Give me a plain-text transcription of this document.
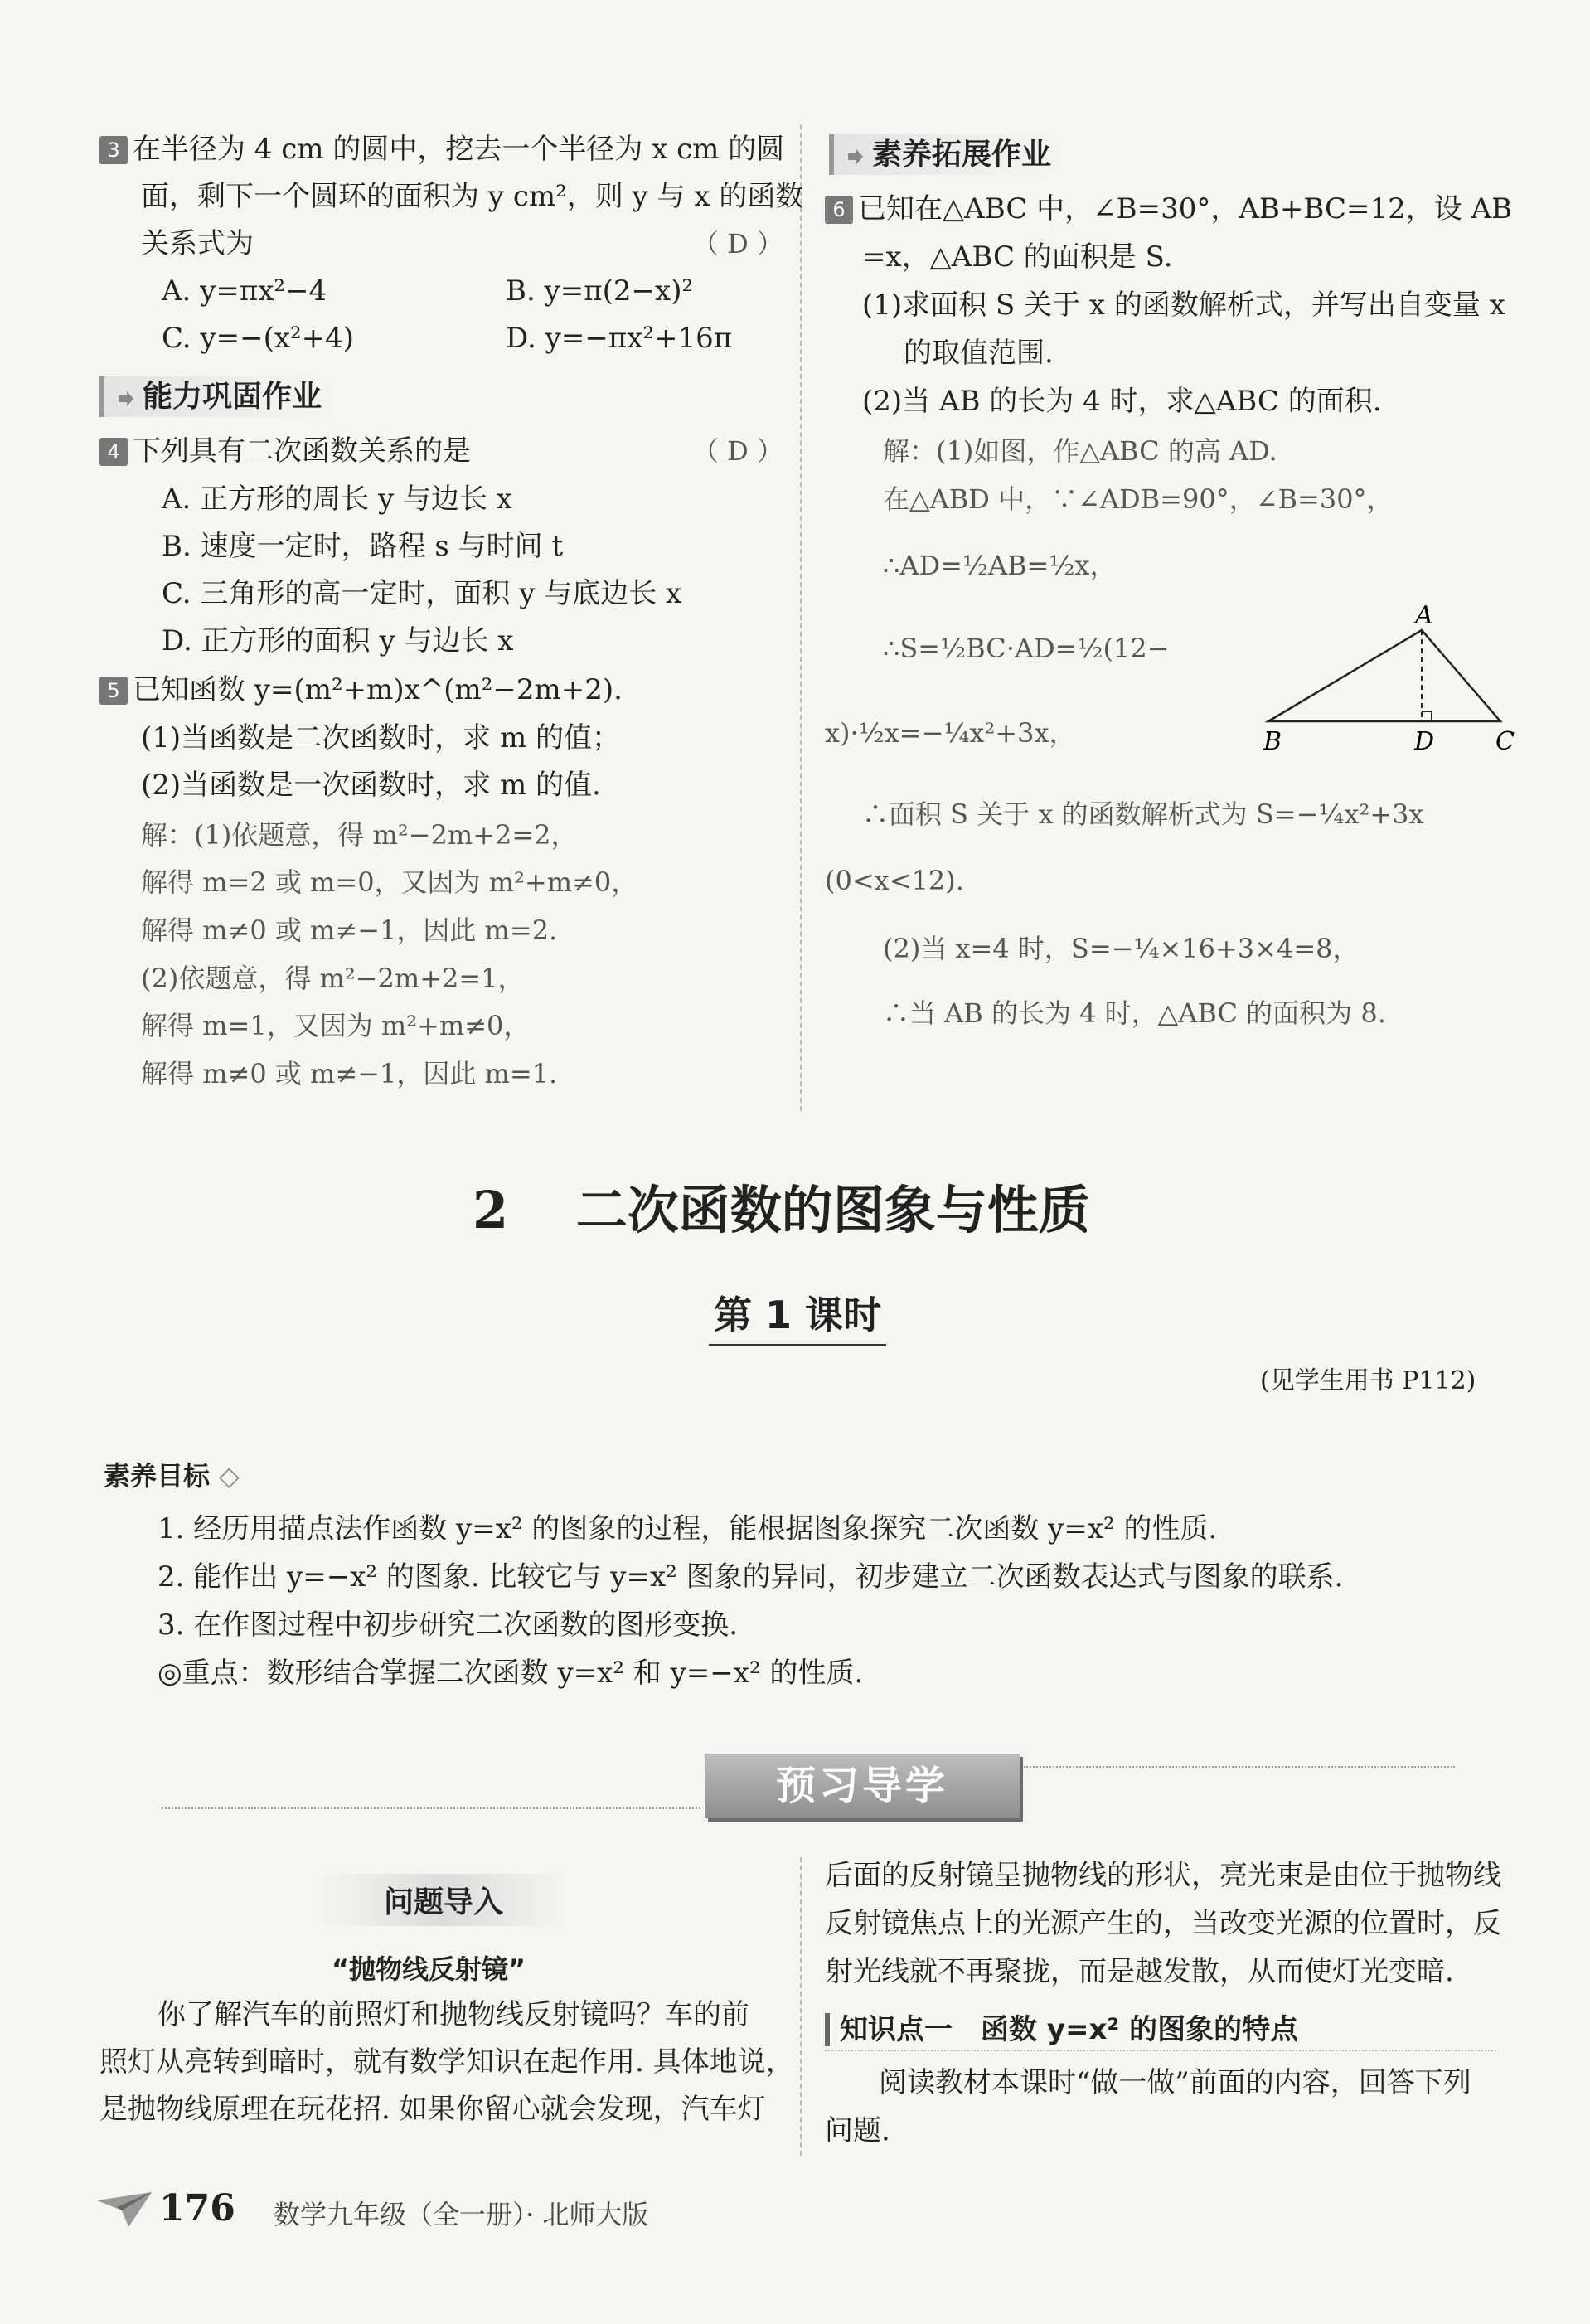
3 在半径为 4 cm 的圆中，挖去一个半径为 x cm 的圆
面，剩下一个圆环的面积为 y cm²，则 y 与 x 的函数
关系式为	（ D ）
A. y=πx²−4	B. y=π(2−x)²
C. y=−(x²+4)	D. y=−πx²+16π
能力巩固作业
4 下列具有二次函数关系的是	（ D ）
A. 正方形的周长 y 与边长 x
B. 速度一定时，路程 s 与时间 t
C. 三角形的高一定时，面积 y 与底边长 x
D. 正方形的面积 y 与边长 x
5 已知函数 y=(m²+m)x^(m²−2m+2).
(1)当函数是二次函数时，求 m 的值；
(2)当函数是一次函数时，求 m 的值.
解：(1)依题意，得 m²−2m+2=2，
解得 m=2 或 m=0，又因为 m²+m≠0，
解得 m≠0 或 m≠−1，因此 m=2.
(2)依题意，得 m²−2m+2=1，
解得 m=1，又因为 m²+m≠0，
解得 m≠0 或 m≠−1，因此 m=1.
素养拓展作业
6 已知在△ABC 中，∠B=30°，AB+BC=12，设 AB
=x，△ABC 的面积是 S.
(1)求面积 S 关于 x 的函数解析式，并写出自变量 x
的取值范围.
(2)当 AB 的长为 4 时，求△ABC 的面积.
解：(1)如图，作△ABC 的高 AD.
在△ABD 中，∵∠ADB=90°，∠B=30°，
∴AD=½AB=½x，
∴S=½BC·AD=½(12−
x)·½x=−¼x²+3x，
A
B	C
D
∴面积 S 关于 x 的函数解析式为 S=−¼x²+3x
(0<x<12).
(2)当 x=4 时，S=−¼×16+3×4=8，
∴当 AB 的长为 4 时，△ABC 的面积为 8.
2 二次函数的图象与性质
第 1 课时
(见学生用书 P112)
素养目标 ◇
1. 经历用描点法作函数 y=x² 的图象的过程，能根据图象探究二次函数 y=x² 的性质.
2. 能作出 y=−x² 的图象. 比较它与 y=x² 图象的异同，初步建立二次函数表达式与图象的联系.
3. 在作图过程中初步研究二次函数的图形变换.
◎重点：数形结合掌握二次函数 y=x² 和 y=−x² 的性质.
预习导学
问题导入
“抛物线反射镜”
你了解汽车的前照灯和抛物线反射镜吗？车的前
照灯从亮转到暗时，就有数学知识在起作用. 具体地说，
是抛物线原理在玩花招. 如果你留心就会发现，汽车灯
后面的反射镜呈抛物线的形状，亮光束是由位于抛物线
反射镜焦点上的光源产生的，当改变光源的位置时，反
射光线就不再聚拢，而是越发散，从而使灯光变暗.
知识点一　函数 y=x² 的图象的特点
阅读教材本课时“做一做”前面的内容，回答下列
问题.
176 数学九年级（全一册）· 北师大版
